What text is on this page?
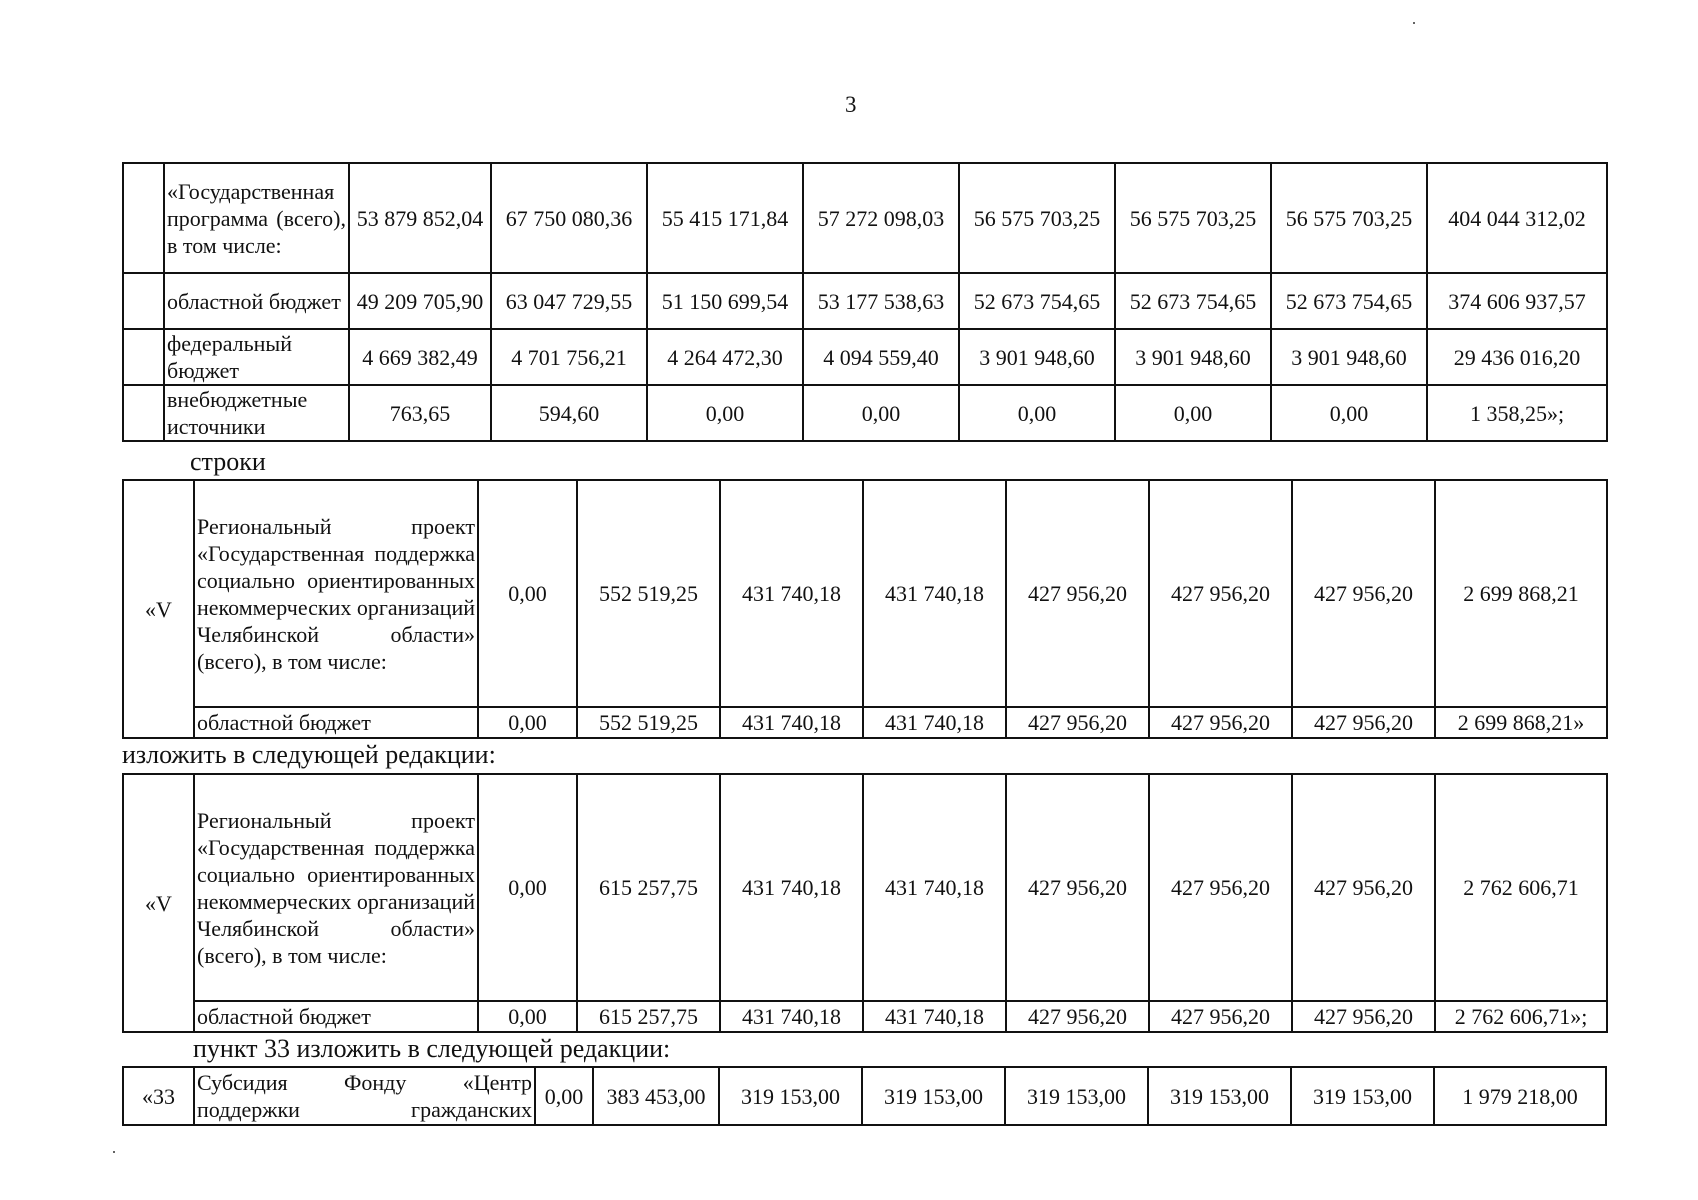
3
	«Государственная программа (всего), в том числе:	53 879 852,04	67 750 080,36	55 415 171,84	57 272 098,03	56 575 703,25	56 575 703,25	56 575 703,25	404 044 312,02
	областной бюджет	49 209 705,90	63 047 729,55	51 150 699,54	53 177 538,63	52 673 754,65	52 673 754,65	52 673 754,65	374 606 937,57
	федеральный бюджет	4 669 382,49	4 701 756,21	4 264 472,30	4 094 559,40	3 901 948,60	3 901 948,60	3 901 948,60	29 436 016,20
	внебюджетные источники	763,65	594,60	0,00	0,00	0,00	0,00	0,00	1 358,25»;
строки
«V	Региональный проект «Государственная поддержка социально ориентированных некоммерческих организаций Челябинской области» (всего), в том числе:	0,00	552 519,25	431 740,18	431 740,18	427 956,20	427 956,20	427 956,20	2 699 868,21
	областной бюджет	0,00	552 519,25	431 740,18	431 740,18	427 956,20	427 956,20	427 956,20	2 699 868,21»
изложить в следующей редакции:
«V	Региональный проект «Государственная поддержка социально ориентированных некоммерческих организаций Челябинской области» (всего), в том числе:	0,00	615 257,75	431 740,18	431 740,18	427 956,20	427 956,20	427 956,20	2 762 606,71
	областной бюджет	0,00	615 257,75	431 740,18	431 740,18	427 956,20	427 956,20	427 956,20	2 762 606,71»;
пункт 33 изложить в следующей редакции:
«33	Субсидия Фонду «Центр поддержки гражданских	0,00	383 453,00	319 153,00	319 153,00	319 153,00	319 153,00	319 153,00	1 979 218,00
